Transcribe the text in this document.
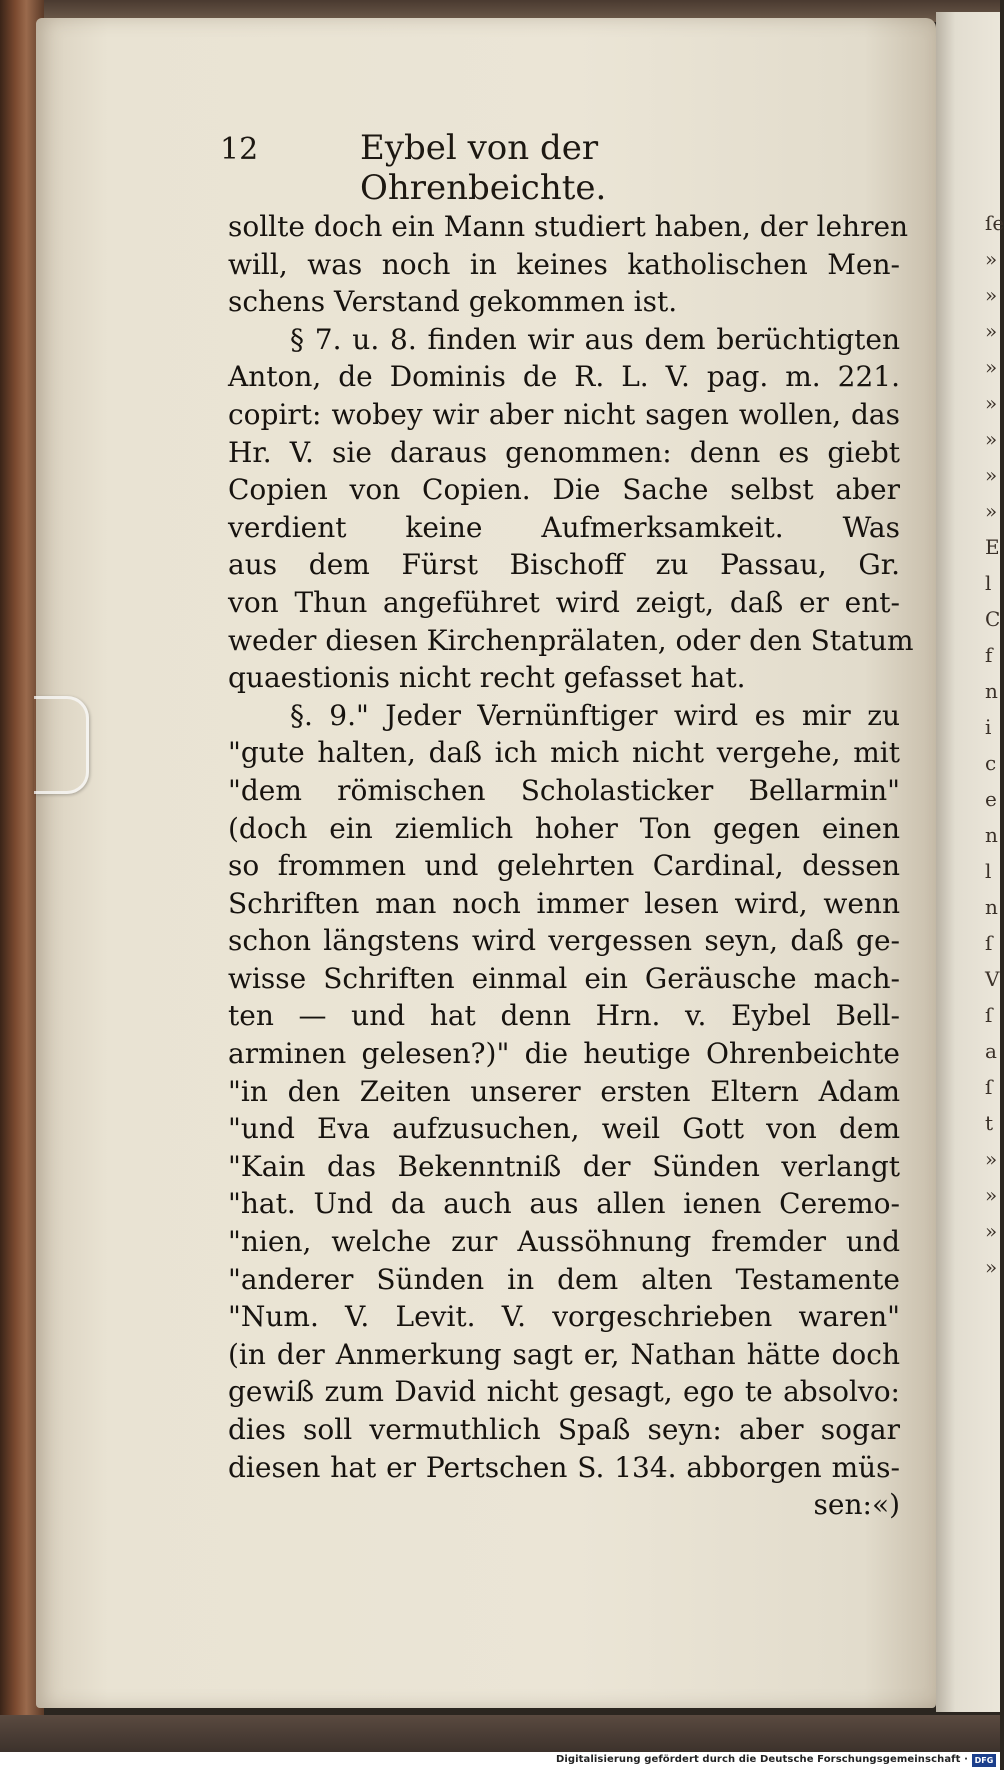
ſe
»
»
»
»
»
»
»
»
E
l
C
f
n
i
c
e
n
l
n
ſ
V
ſ
a
ſ
t
»
»
»
»
12	Eybel von der Ohrenbeichte.
sollte doch ein Mann studiert haben, der lehren
will, was noch in keines katholischen Men-
schens Verstand gekommen ist.
§ 7. u. 8. finden wir aus dem berüchtigten
Anton, de Dominis de R. L. V. pag. m. 221.
copirt: wobey wir aber nicht sagen wollen, das
Hr. V. sie daraus genommen: denn es giebt
Copien von Copien. Die Sache selbst aber
verdient keine Aufmerksamkeit. Was
aus dem Fürst Bischoff zu Passau, Gr.
von Thun angeführet wird zeigt, daß er ent-
weder diesen Kirchenprälaten, oder den Statum
quaestionis nicht recht gefasset hat.
§. 9." Jeder Vernünftiger wird es mir zu
"gute halten, daß ich mich nicht vergehe, mit
"dem römischen Scholasticker Bellarmin"
(doch ein ziemlich hoher Ton gegen einen
so frommen und gelehrten Cardinal, dessen
Schriften man noch immer lesen wird, wenn
schon längstens wird vergessen seyn, daß ge-
wisse Schriften einmal ein Geräusche mach-
ten — und hat denn Hrn. v. Eybel Bell-
arminen gelesen?)" die heutige Ohrenbeichte
"in den Zeiten unserer ersten Eltern Adam
"und Eva aufzusuchen, weil Gott von dem
"Kain das Bekenntniß der Sünden verlangt
"hat. Und da auch aus allen ienen Ceremo-
"nien, welche zur Aussöhnung fremder und
"anderer Sünden in dem alten Testamente
"Num. V. Levit. V. vorgeschrieben waren"
(in der Anmerkung sagt er, Nathan hätte doch
gewiß zum David nicht gesagt, ego te absolvo:
dies soll vermuthlich Spaß seyn: aber sogar
diesen hat er Pertschen S. 134. abborgen müs-
sen:«)
Digitalisierung gefördert durch die Deutsche Forschungsgemeinschaft · DFG
